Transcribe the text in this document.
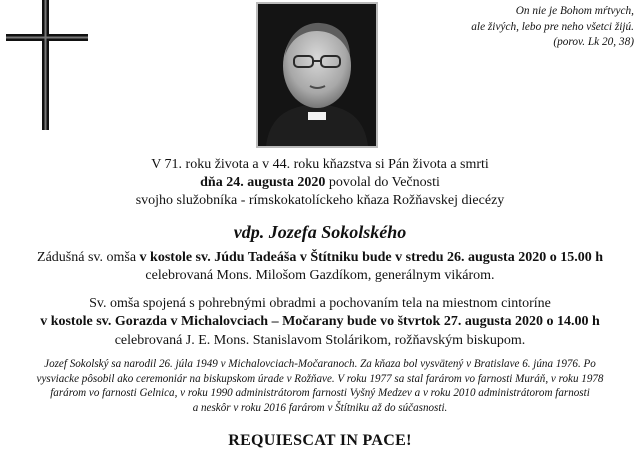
On nie je Bohom mŕtvych,
ale živých, lebo pre neho všetci žijú.
(porov. Lk 20, 38)
V 71. roku života a v 44. roku kňazstva si Pán života a smrti
dňa 24. augusta 2020 povolal do Večnosti
svojho služobníka - rímskokatolíckeho kňaza Rožňavskej diecézy
vdp. Jozefa Sokolského
Zádušná sv. omša v kostole sv. Júdu Tadeáša v Štítniku bude v stredu 26. augusta 2020 o 15.00 h
celebrovaná Mons. Milošom Gazdíkom, generálnym vikárom.
Sv. omša spojená s pohrebnými obradmi a pochovaním tela na miestnom cintoríne
v kostole sv. Gorazda v Michalovciach – Močarany bude vo štvrtok 27. augusta 2020 o 14.00 h
celebrovaná J. E. Mons. Stanislavom Stolárikom, rožňavským biskupom.
Jozef Sokolský sa narodil 26. júla 1949 v Michalovciach-Močaranoch. Za kňaza bol vysvätený v Bratislave 6. júna 1976. Po
vysviacke pôsobil ako ceremoniár na biskupskom úrade v Rožňave. V roku 1977 sa stal farárom vo farnosti Muráň, v roku 1978
farárom vo farnosti Gelnica, v roku 1990 administrátorom farnosti Vyšný Medzev a v roku 2010 administrátorom farnosti
a neskôr v roku 2016 farárom v Štítniku až do súčasnosti.
REQUIESCAT IN PACE!
